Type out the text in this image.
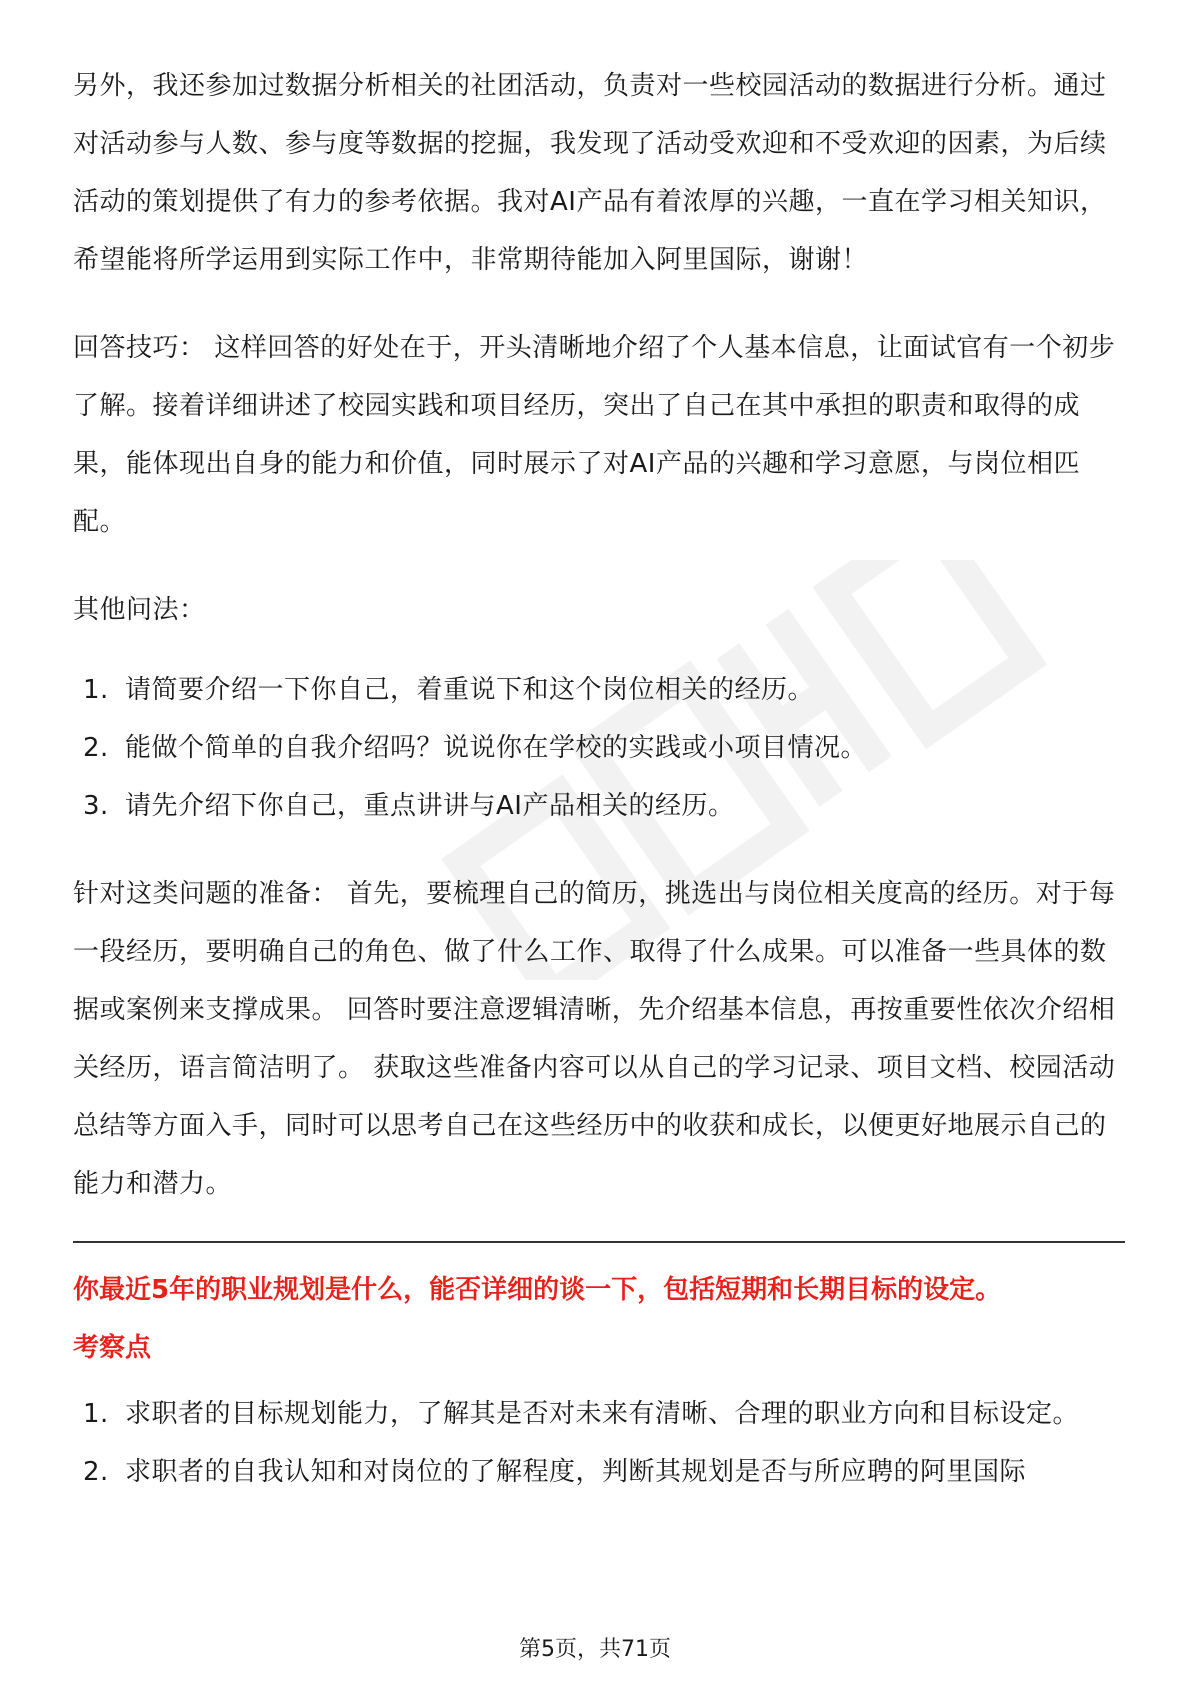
另外，我还参加过数据分析相关的社团活动，负责对一些校园活动的数据进行分析。通过对活动参与人数、参与度等数据的挖掘，我发现了活动受欢迎和不受欢迎的因素，为后续活动的策划提供了有力的参考依据。我对AI产品有着浓厚的兴趣，一直在学习相关知识，希望能将所学运用到实际工作中，非常期待能加入阿里国际，谢谢！

回答技巧： 这样回答的好处在于，开头清晰地介绍了个人基本信息，让面试官有一个初步了解。接着详细讲述了校园实践和项目经历，突出了自己在其中承担的职责和取得的成果，能体现出自身的能力和价值，同时展示了对AI产品的兴趣和学习意愿，与岗位相匹配。

其他问法：

1. 请简要介绍一下你自己，着重说下和这个岗位相关的经历。
2. 能做个简单的自我介绍吗？说说你在学校的实践或小项目情况。
3. 请先介绍下你自己，重点讲讲与AI产品相关的经历。

针对这类问题的准备： 首先，要梳理自己的简历，挑选出与岗位相关度高的经历。对于每一段经历，要明确自己的角色、做了什么工作、取得了什么成果。可以准备一些具体的数据或案例来支撑成果。 回答时要注意逻辑清晰，先介绍基本信息，再按重要性依次介绍相关经历，语言简洁明了。 获取这些准备内容可以从自己的学习记录、项目文档、校园活动总结等方面入手，同时可以思考自己在这些经历中的收获和成长，以便更好地展示自己的能力和潜力。

你最近5年的职业规划是什么，能否详细的谈一下，包括短期和长期目标的设定。

考察点

1. 求职者的目标规划能力，了解其是否对未来有清晰、合理的职业方向和目标设定。
2. 求职者的自我认知和对岗位的了解程度，判断其规划是否与所应聘的阿里国际
第5页，共71页
